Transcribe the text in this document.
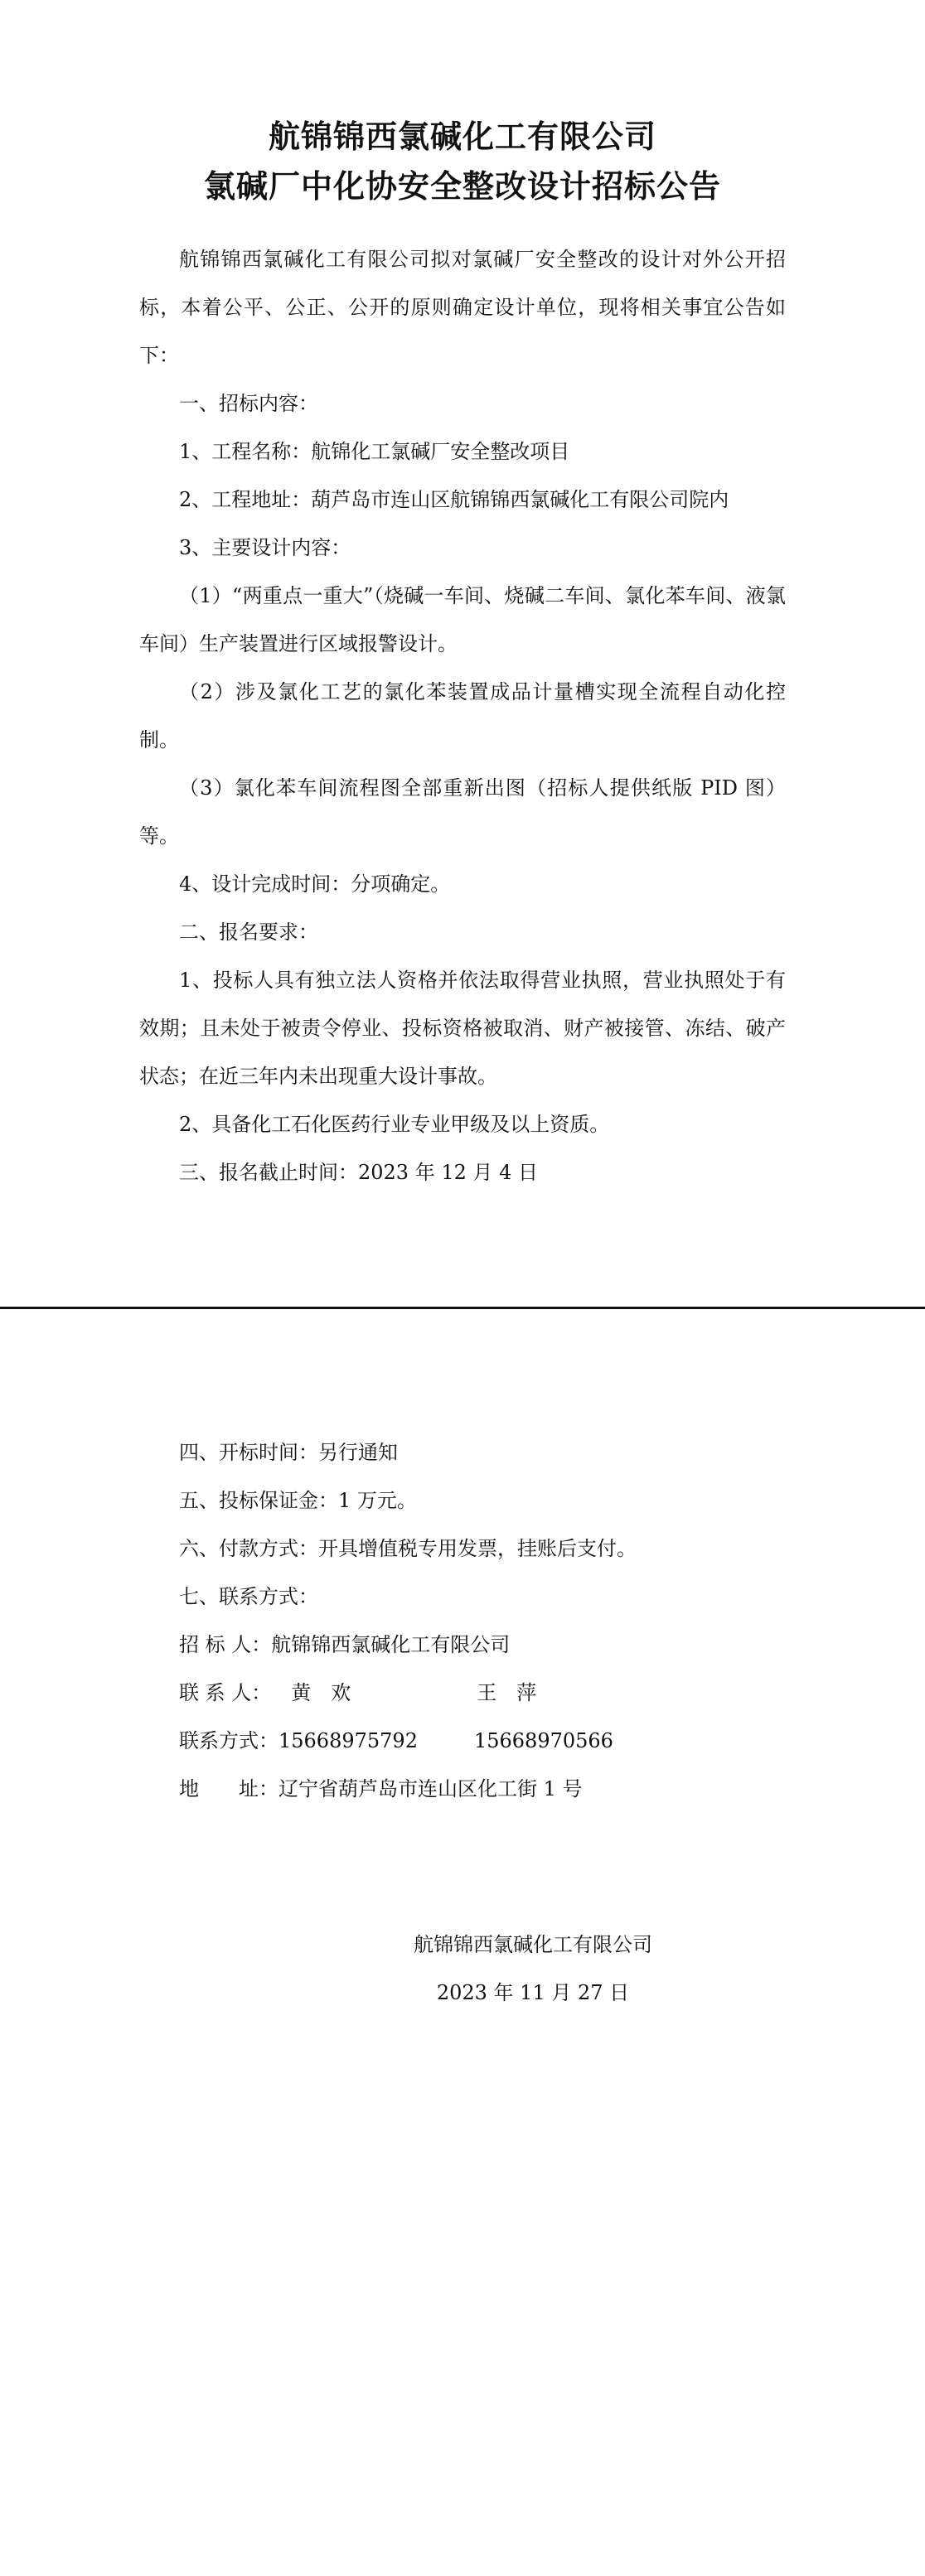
航锦锦西氯碱化工有限公司
氯碱厂中化协安全整改设计招标公告

航锦锦西氯碱化工有限公司拟对氯碱厂安全整改的设计对外公开招标，本着公平、公正、公开的原则确定设计单位，现将相关事宜公告如下：

一、招标内容：

1、工程名称：航锦化工氯碱厂安全整改项目

2、工程地址：葫芦岛市连山区航锦锦西氯碱化工有限公司院内

3、主要设计内容：

（1）“两重点一重大”（烧碱一车间、烧碱二车间、氯化苯车间、液氯车间）生产装置进行区域报警设计。

（2）涉及氯化工艺的氯化苯装置成品计量槽实现全流程自动化控制。

（3）氯化苯车间流程图全部重新出图（招标人提供纸版 PID 图）等。

4、设计完成时间：分项确定。

二、报名要求：

1、投标人具有独立法人资格并依法取得营业执照，营业执照处于有效期；且未处于被责令停业、投标资格被取消、财产被接管、冻结、破产状态；在近三年内未出现重大设计事故。

2、具备化工石化医药行业专业甲级及以上资质。

三、报名截止时间：2023 年 12 月 4 日

四、开标时间：另行通知

五、投标保证金：1 万元。

六、付款方式：开具增值税专用发票，挂账后支付。

七、联系方式：

招 标 人：航锦锦西氯碱化工有限公司

联 系 人： 黄　欢	王　萍

联系方式：15668975792	15668970566

地　　址：辽宁省葫芦岛市连山区化工街 1 号

航锦锦西氯碱化工有限公司

2023 年 11 月 27 日
